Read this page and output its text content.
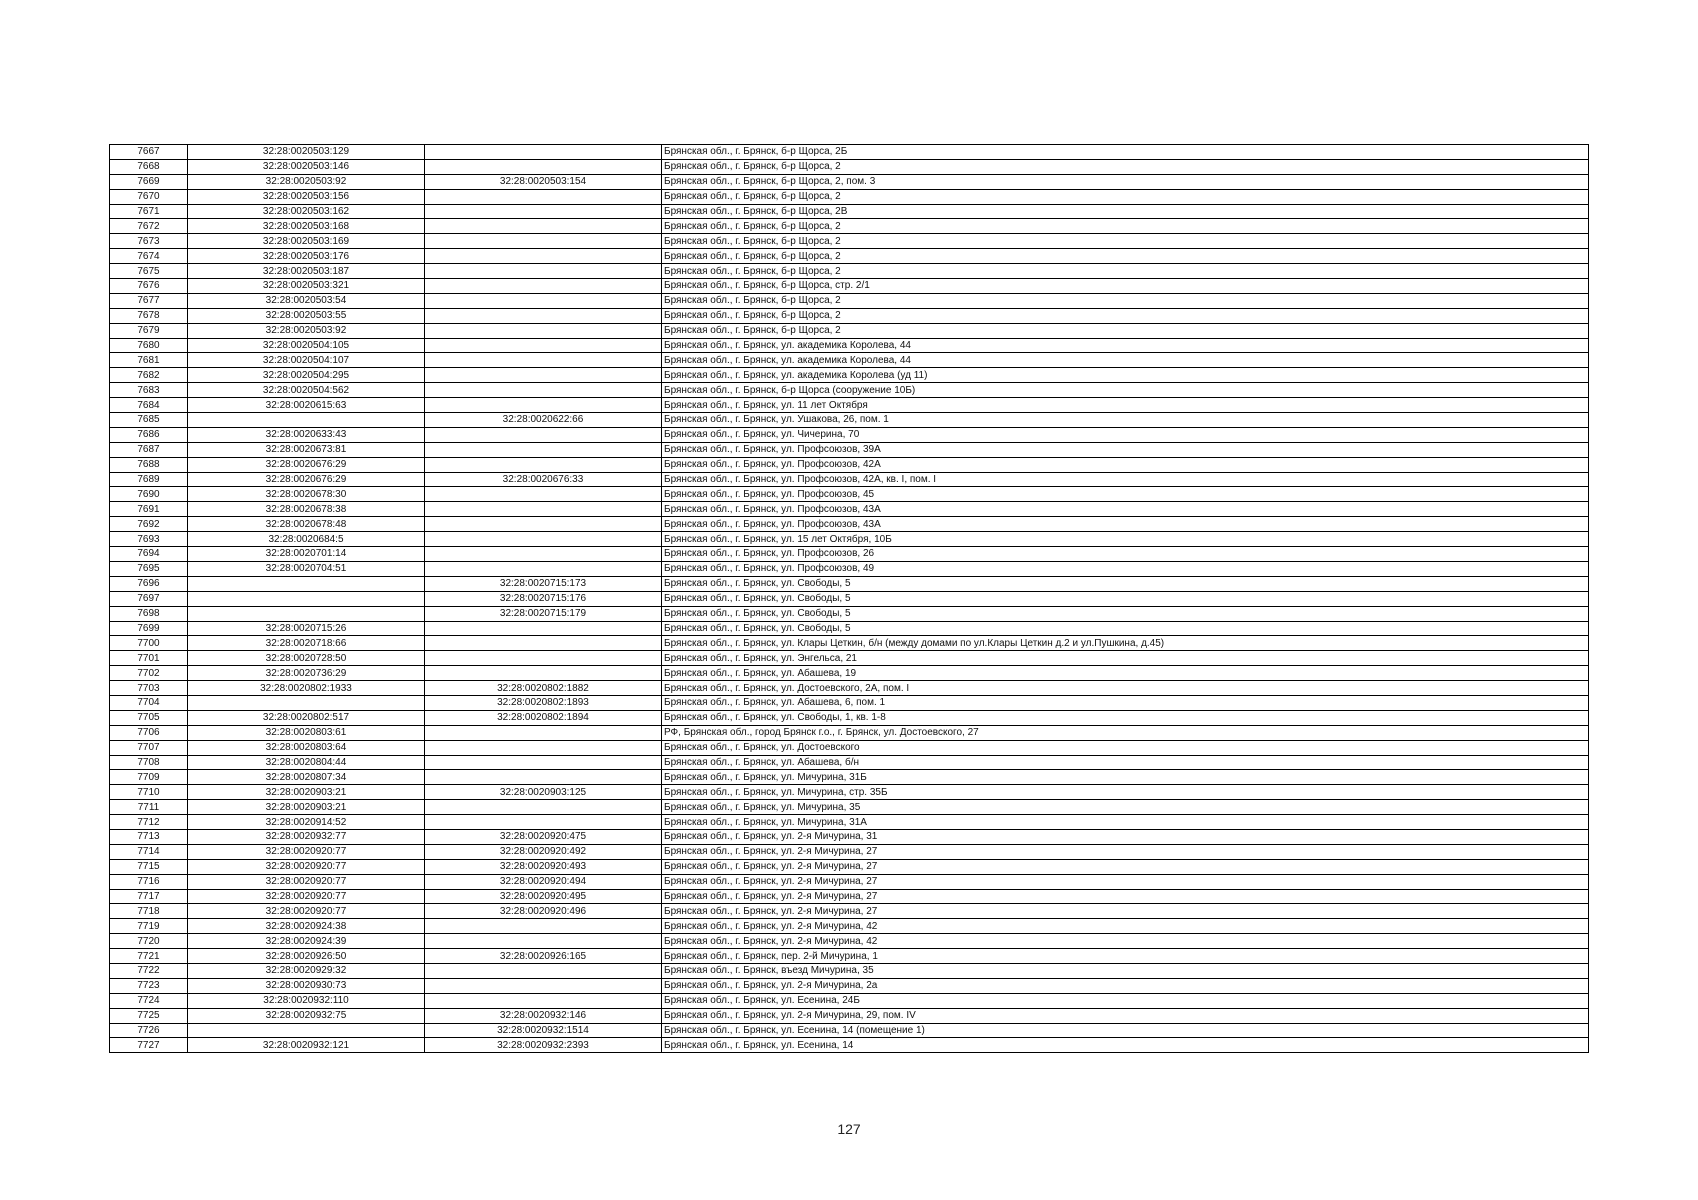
7667	32:28:0020503:129		Брянская обл., г. Брянск, б-р Щорса, 2Б
7668	32:28:0020503:146		Брянская обл., г. Брянск, б-р Щорса, 2
7669	32:28:0020503:92	32:28:0020503:154	Брянская обл., г. Брянск, б-р Щорса, 2, пом. 3
7670	32:28:0020503:156		Брянская обл., г. Брянск, б-р Щорса, 2
7671	32:28:0020503:162		Брянская обл., г. Брянск, б-р Щорса, 2В
7672	32:28:0020503:168		Брянская обл., г. Брянск, б-р Щорса, 2
7673	32:28:0020503:169		Брянская обл., г. Брянск, б-р Щорса, 2
7674	32:28:0020503:176		Брянская обл., г. Брянск, б-р Щорса, 2
7675	32:28:0020503:187		Брянская обл., г. Брянск, б-р Щорса, 2
7676	32:28:0020503:321		Брянская обл., г. Брянск, б-р Щорса, стр. 2/1
7677	32:28:0020503:54		Брянская обл., г. Брянск, б-р Щорса, 2
7678	32:28:0020503:55		Брянская обл., г. Брянск, б-р Щорса, 2
7679	32:28:0020503:92		Брянская обл., г. Брянск, б-р Щорса, 2
7680	32:28:0020504:105		Брянская обл., г. Брянск, ул. академика Королева, 44
7681	32:28:0020504:107		Брянская обл., г. Брянск, ул. академика Королева, 44
7682	32:28:0020504:295		Брянская обл., г. Брянск, ул. академика Королева (уд 11)
7683	32:28:0020504:562		Брянская обл., г. Брянск, б-р Щорса (сооружение 10Б)
7684	32:28:0020615:63		Брянская обл., г. Брянск, ул. 11 лет Октября
7685		32:28:0020622:66	Брянская обл., г. Брянск, ул. Ушакова, 26, пом. 1
7686	32:28:0020633:43		Брянская обл., г. Брянск, ул. Чичерина, 70
7687	32:28:0020673:81		Брянская обл., г. Брянск, ул. Профсоюзов, 39А
7688	32:28:0020676:29		Брянская обл., г. Брянск, ул. Профсоюзов, 42А
7689	32:28:0020676:29	32:28:0020676:33	Брянская обл., г. Брянск, ул. Профсоюзов, 42А, кв. I, пом. I
7690	32:28:0020678:30		Брянская обл., г. Брянск, ул. Профсоюзов, 45
7691	32:28:0020678:38		Брянская обл., г. Брянск, ул. Профсоюзов, 43А
7692	32:28:0020678:48		Брянская обл., г. Брянск, ул. Профсоюзов, 43А
7693	32:28:0020684:5		Брянская обл., г. Брянск, ул. 15 лет Октября, 10Б
7694	32:28:0020701:14		Брянская обл., г. Брянск, ул. Профсоюзов, 26
7695	32:28:0020704:51		Брянская обл., г. Брянск, ул. Профсоюзов, 49
7696		32:28:0020715:173	Брянская обл., г. Брянск, ул. Свободы, 5
7697		32:28:0020715:176	Брянская обл., г. Брянск, ул. Свободы, 5
7698		32:28:0020715:179	Брянская обл., г. Брянск, ул. Свободы, 5
7699	32:28:0020715:26		Брянская обл., г. Брянск, ул. Свободы, 5
7700	32:28:0020718:66		Брянская обл., г. Брянск, ул. Клары Цеткин, б/н (между домами по ул.Клары Цеткин д.2 и ул.Пушкина, д.45)
7701	32:28:0020728:50		Брянская обл., г. Брянск, ул. Энгельса, 21
7702	32:28:0020736:29		Брянская обл., г. Брянск, ул. Абашева, 19
7703	32:28:0020802:1933	32:28:0020802:1882	Брянская обл., г. Брянск, ул. Достоевского, 2А, пом. I
7704		32:28:0020802:1893	Брянская обл., г. Брянск, ул. Абашева, 6, пом. 1
7705	32:28:0020802:517	32:28:0020802:1894	Брянская обл., г. Брянск, ул. Свободы, 1, кв. 1-8
7706	32:28:0020803:61		РФ, Брянская обл., город Брянск г.о., г. Брянск, ул. Достоевского, 27
7707	32:28:0020803:64		Брянская обл., г. Брянск, ул. Достоевского
7708	32:28:0020804:44		Брянская обл., г. Брянск, ул. Абашева, б/н
7709	32:28:0020807:34		Брянская обл., г. Брянск, ул. Мичурина, 31Б
7710	32:28:0020903:21	32:28:0020903:125	Брянская обл., г. Брянск, ул. Мичурина, стр. 35Б
7711	32:28:0020903:21		Брянская обл., г. Брянск, ул. Мичурина, 35
7712	32:28:0020914:52		Брянская обл., г. Брянск, ул. Мичурина, 31А
7713	32:28:0020932:77	32:28:0020920:475	Брянская обл., г. Брянск, ул. 2-я Мичурина, 31
7714	32:28:0020920:77	32:28:0020920:492	Брянская обл., г. Брянск, ул. 2-я Мичурина, 27
7715	32:28:0020920:77	32:28:0020920:493	Брянская обл., г. Брянск, ул. 2-я Мичурина, 27
7716	32:28:0020920:77	32:28:0020920:494	Брянская обл., г. Брянск, ул. 2-я Мичурина, 27
7717	32:28:0020920:77	32:28:0020920:495	Брянская обл., г. Брянск, ул. 2-я Мичурина, 27
7718	32:28:0020920:77	32:28:0020920:496	Брянская обл., г. Брянск, ул. 2-я Мичурина, 27
7719	32:28:0020924:38		Брянская обл., г. Брянск, ул. 2-я Мичурина, 42
7720	32:28:0020924:39		Брянская обл., г. Брянск, ул. 2-я Мичурина, 42
7721	32:28:0020926:50	32:28:0020926:165	Брянская обл., г. Брянск, пер. 2-й Мичурина, 1
7722	32:28:0020929:32		Брянская обл., г. Брянск, въезд Мичурина, 35
7723	32:28:0020930:73		Брянская обл., г. Брянск, ул. 2-я Мичурина, 2а
7724	32:28:0020932:110		Брянская обл., г. Брянск, ул. Есенина, 24Б
7725	32:28:0020932:75	32:28:0020932:146	Брянская обл., г. Брянск, ул. 2-я Мичурина, 29, пом. IV
7726		32:28:0020932:1514	Брянская обл., г. Брянск, ул. Есенина, 14 (помещение 1)
7727	32:28:0020932:121	32:28:0020932:2393	Брянская обл., г. Брянск, ул. Есенина, 14
127
